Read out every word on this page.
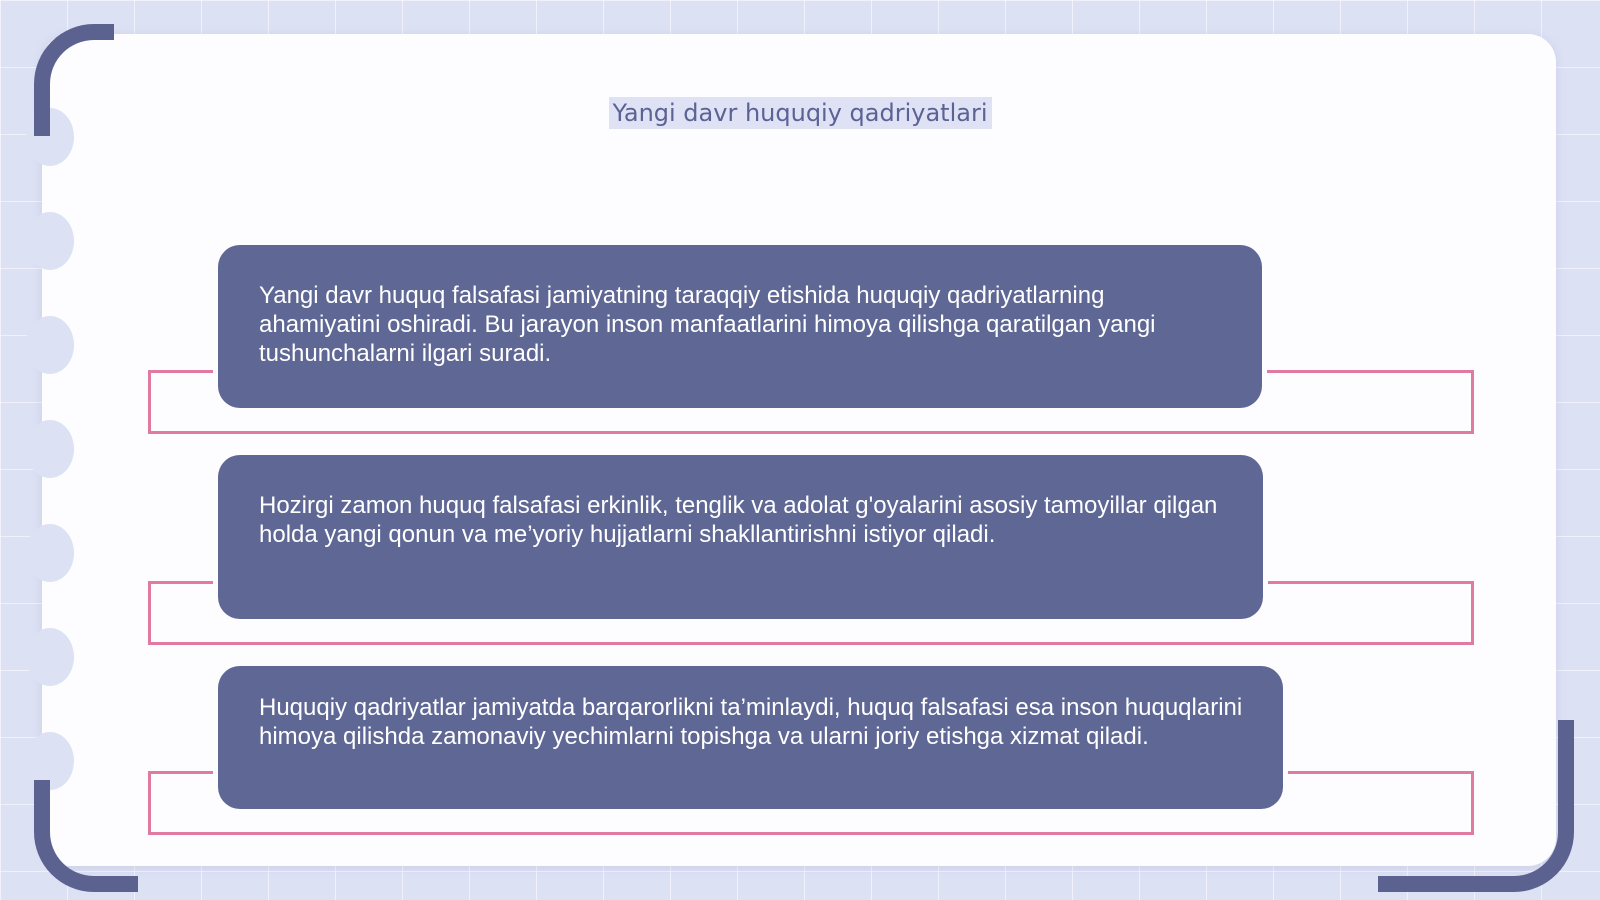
Yangi davr huquqiy qadriyatlari
Yangi davr huquq falsafasi jamiyatning taraqqiy etishida huquqiy qadriyatlarning ahamiyatini oshiradi. Bu jarayon inson manfaatlarini himoya qilishga qaratilgan yangi tushunchalarni ilgari suradi.
Hozirgi zamon huquq falsafasi erkinlik, tenglik va adolat g'oyalarini asosiy tamoyillar qilgan holda yangi qonun va me’yoriy hujjatlarni shakllantirishni istiyor qiladi.
Huquqiy qadriyatlar jamiyatda barqarorlikni ta’minlaydi, huquq falsafasi esa inson huquqlarini himoya qilishda zamonaviy yechimlarni topishga va ularni joriy etishga xizmat qiladi.
